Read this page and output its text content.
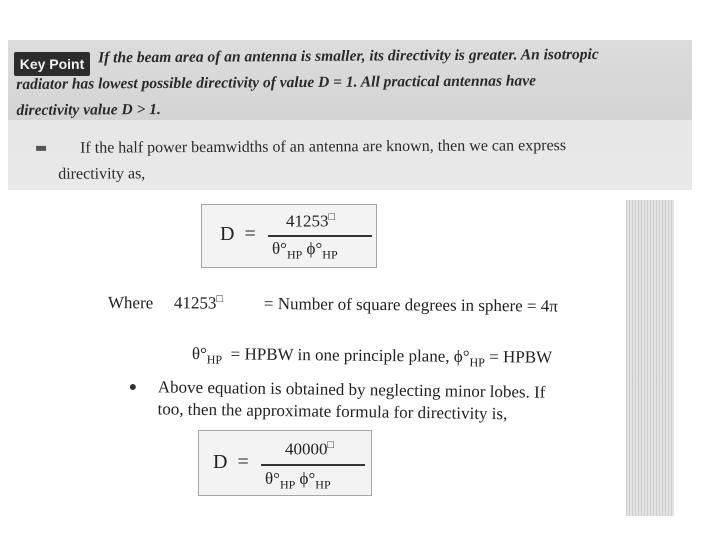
Key Point If the beam area of an antenna is smaller, its directivity is greater. An isotropic
radiator has lowest possible directivity of value D = 1. All practical antennas have
directivity value D > 1.
If the half power beamwidths of an antenna are known, then we can express
directivity as,
D =
41253□
$\theta^\circ_{HP}$ $\phi^\circ_{HP}$
Where 41253□ = Number of square degrees in sphere = 4π
$\theta^\circ_{HP}$ = HPBW in one principle plane, $\phi^\circ_{HP}$ = HPBW
Above equation is obtained by neglecting minor lobes. If
too, then the approximate formula for directivity is,
D =
40000□
$\theta^\circ_{HP}$ $\phi^\circ_{HP}$
